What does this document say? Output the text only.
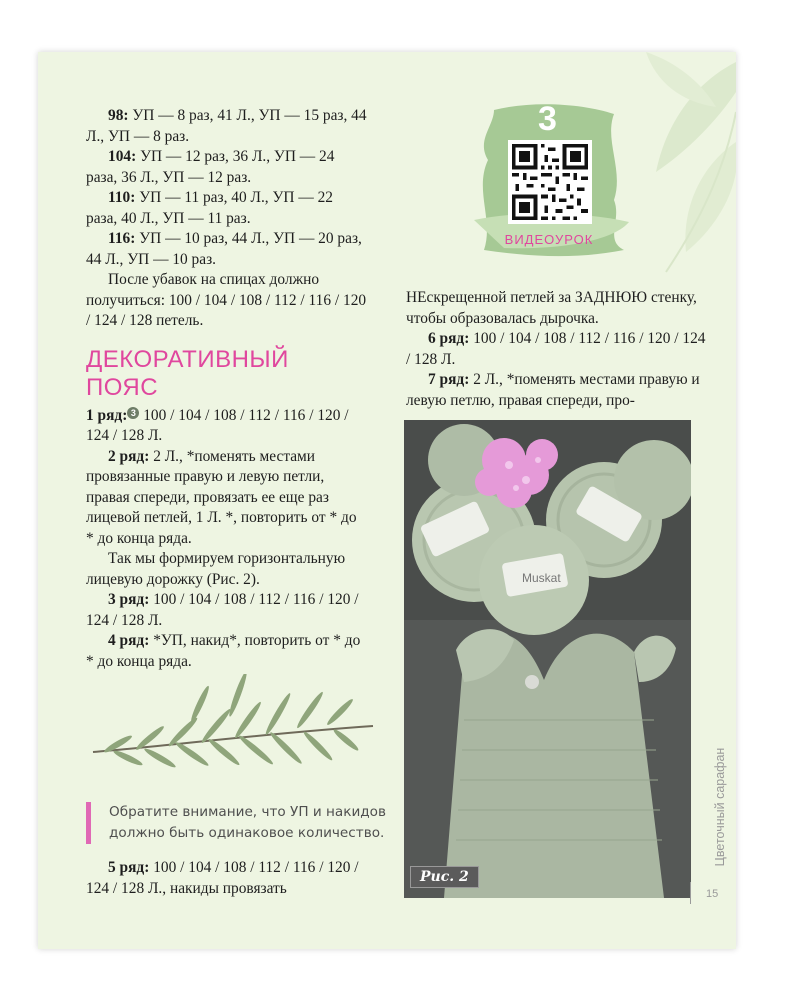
98: УП — 8 раз, 41 Л., УП — 15 раз, 44 Л., УП — 8 раз.

104: УП — 12 раз, 36 Л., УП — 24 раза, 36 Л., УП — 12 раз.

110: УП — 11 раз, 40 Л., УП — 22 раза, 40 Л., УП — 11 раз.

116: УП — 10 раз, 44 Л., УП — 20 раз, 44 Л., УП — 10 раз.

После убавок на спицах должно получиться: 100 / 104 / 108 / 112 / 116 / 120 / 124 / 128 петель.

ДЕКОРАТИВНЫЙ ПОЯС

1 ряд: 3 100 / 104 / 108 / 112 / 116 / 120 / 124 / 128 Л.

2 ряд: 2 Л., *поменять местами провязанные правую и левую петли, правая спереди, провязать ее еще раз лицевой петлей, 1 Л. *, повторить от * до * до конца ряда.

Так мы формируем горизонтальную лицевую дорожку (Рис. 2).

3 ряд: 100 / 104 / 108 / 112 / 116 / 120 / 124 / 128 Л.

4 ряд: *УП, накид*, повторить от * до * до конца ряда.

Обратите внимание, что УП и накидов должно быть одинаковое количество.

5 ряд: 100 / 104 / 108 / 112 / 116 / 120 / 124 / 128 Л., накиды провязать

3
ВИДЕОУРОК

НЕскрещенной петлей за ЗАДНЮЮ стенку, чтобы образовалась дырочка.

6 ряд: 100 / 104 / 108 / 112 / 116 / 120 / 124 / 128 Л.

7 ряд: 2 Л., *поменять местами правую и левую петлю, правая спереди, про-

Muskat
Рис. 2
Цветочный сарафан
15
